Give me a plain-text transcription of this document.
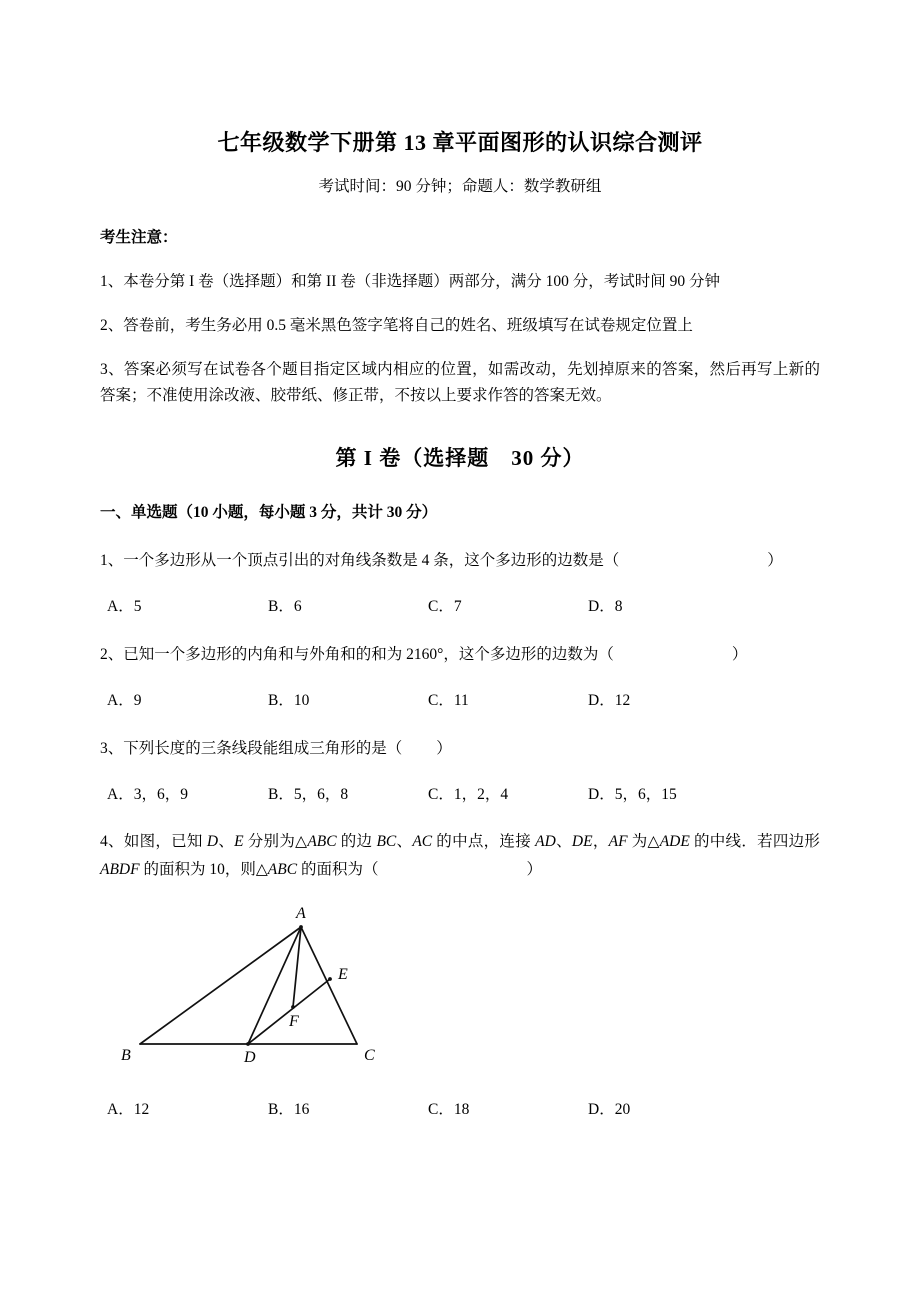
七年级数学下册第 13 章平面图形的认识综合测评

考试时间：90 分钟；命题人：数学教研组

考生注意：

1、本卷分第 I 卷（选择题）和第 II 卷（非选择题）两部分，满分 100 分，考试时间 90 分钟

2、答卷前，考生务必用 0.5 毫米黑色签字笔将自己的姓名、班级填写在试卷规定位置上

3、答案必须写在试卷各个题目指定区域内相应的位置，如需改动，先划掉原来的答案，然后再写上新的答案；不准使用涂改液、胶带纸、修正带，不按以上要求作答的答案无效。

第 I 卷（选择题　30 分）
一、单选题（10 小题，每小题 3 分，共计 30 分）

1、一个多边形从一个顶点引出的对角线条数是 4 条，这个多边形的边数是（	）

A．5	B．6	C．7	D．8

2、已知一个多边形的内角和与外角和的和为 2160°，这个多边形的边数为（	）

A．9	B．10	C．11	D．12

3、下列长度的三条线段能组成三角形的是（ ）

A．3，6，9	B．5，6，8	C．1，2，4	D．5，6，15

4、如图，已知 D、E 分别为△ABC 的边 BC、AC 的中点，连接 AD、DE，AF 为△ADE 的中线．若四边形ABDF 的面积为 10，则△ABC 的面积为（	）

A
B	C
D
E
F
A．12	B．16	C．18	D．20
